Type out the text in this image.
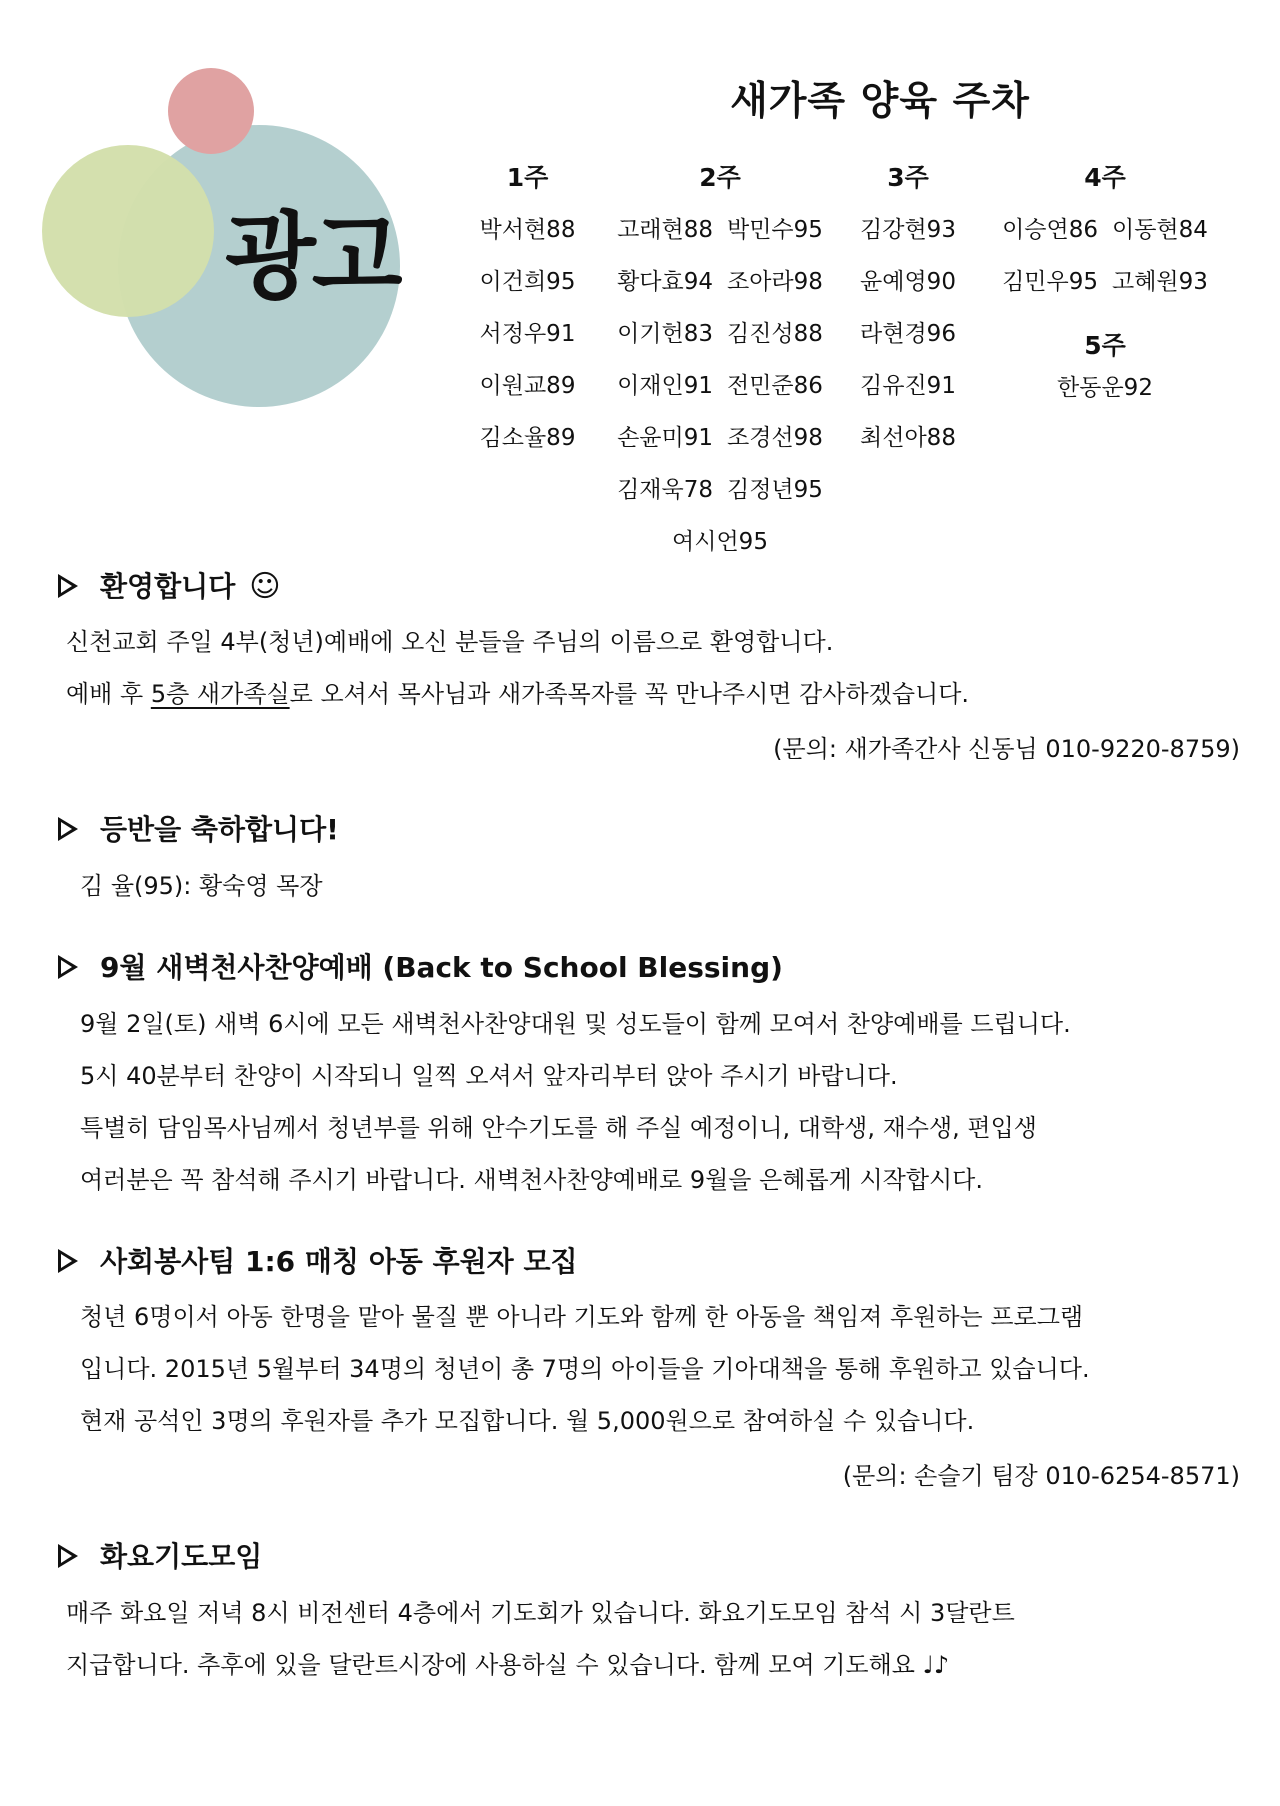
광고
새가족 양육 주차
1주
박서현88
이건희95
서정우91
이원교89
김소율89
2주
고래현88 박민수95
황다효94 조아라98
이기헌83 김진성88
이재인91 전민준86
손윤미91 조경선98
김재욱78 김정년95
여시언95
3주
김강현93
윤예영90
라현경96
김유진91
최선아88
4주
이승연86 이동현84
김민우95 고혜원93
5주
한동운92
환영합니다 ☺
신천교회 주일 4부(청년)예배에 오신 분들을 주님의 이름으로 환영합니다.
예배 후 5층 새가족실로 오셔서 목사님과 새가족목자를 꼭 만나주시면 감사하겠습니다.
(문의: 새가족간사 신동님 010-9220-8759)
등반을 축하합니다!
김 율(95): 황숙영 목장
9월 새벽천사찬양예배 (Back to School Blessing)
9월 2일(토) 새벽 6시에 모든 새벽천사찬양대원 및 성도들이 함께 모여서 찬양예배를 드립니다.
5시 40분부터 찬양이 시작되니 일찍 오셔서 앞자리부터 앉아 주시기 바랍니다.
특별히 담임목사님께서 청년부를 위해 안수기도를 해 주실 예정이니, 대학생, 재수생, 편입생
여러분은 꼭 참석해 주시기 바랍니다. 새벽천사찬양예배로 9월을 은혜롭게 시작합시다.
사회봉사팀 1:6 매칭 아동 후원자 모집
청년 6명이서 아동 한명을 맡아 물질 뿐 아니라 기도와 함께 한 아동을 책임져 후원하는 프로그램
입니다. 2015년 5월부터 34명의 청년이 총 7명의 아이들을 기아대책을 통해 후원하고 있습니다.
현재 공석인 3명의 후원자를 추가 모집합니다. 월 5,000원으로 참여하실 수 있습니다.
(문의: 손슬기 팀장 010-6254-8571)
화요기도모임
매주 화요일 저녁 8시 비전센터 4층에서 기도회가 있습니다. 화요기도모임 참석 시 3달란트
지급합니다. 추후에 있을 달란트시장에 사용하실 수 있습니다. 함께 모여 기도해요 ♩♪
